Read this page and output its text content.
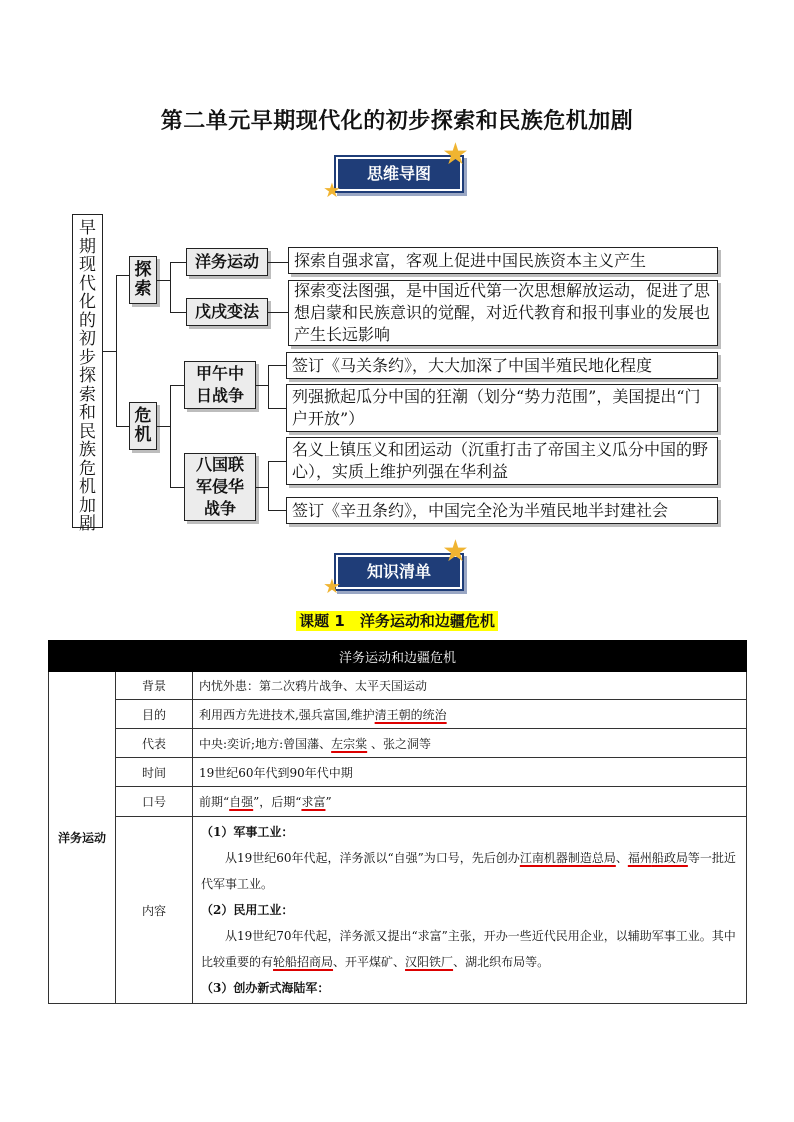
第二单元早期现代化的初步探索和民族危机加剧
思维导图
★
★
早期现代化的初步探索和民族危机加剧
探索
危机
洋务运动
戊戌变法
探索自强求富，客观上促进中国民族资本主义产生
探索变法图强，是中国近代第一次思想解放运动，促进了思想启蒙和民族意识的觉醒，对近代教育和报刊事业的发展也产生长远影响
甲午中日战争
八国联军侵华战争
签订《马关条约》，大大加深了中国半殖民地化程度
列强掀起瓜分中国的狂潮（划分“势力范围”，美国提出“门户开放”）
名义上镇压义和团运动（沉重打击了帝国主义瓜分中国的野心），实质上维护列强在华利益
签订《辛丑条约》，中国完全沦为半殖民地半封建社会
知识清单
★
★
课题 1　洋务运动和边疆危机
洋务运动和边疆危机		
洋务运动	背景	内忧外患：第二次鸦片战争、太平天国运动
	目的	利用西方先进技术,强兵富国,维护清王朝的统治
	代表	中央:奕䜣;地方:曾国藩、左宗棠 、张之洞等
	时间	19世纪60年代到90年代中期
	口号	前期“自强”，后期“求富”
	内容	（1）军事工业：

从19世纪60年代起，洋务派以“自强”为口号，先后创办江南机器制造总局、福州船政局等一批近代军事工业。

（2）民用工业：

从19世纪70年代起，洋务派又提出“求富”主张，开办一些近代民用企业，以辅助军事工业。其中比较重要的有轮船招商局、开平煤矿、汉阳铁厂、湖北织布局等。

（3）创办新式海陆军：
